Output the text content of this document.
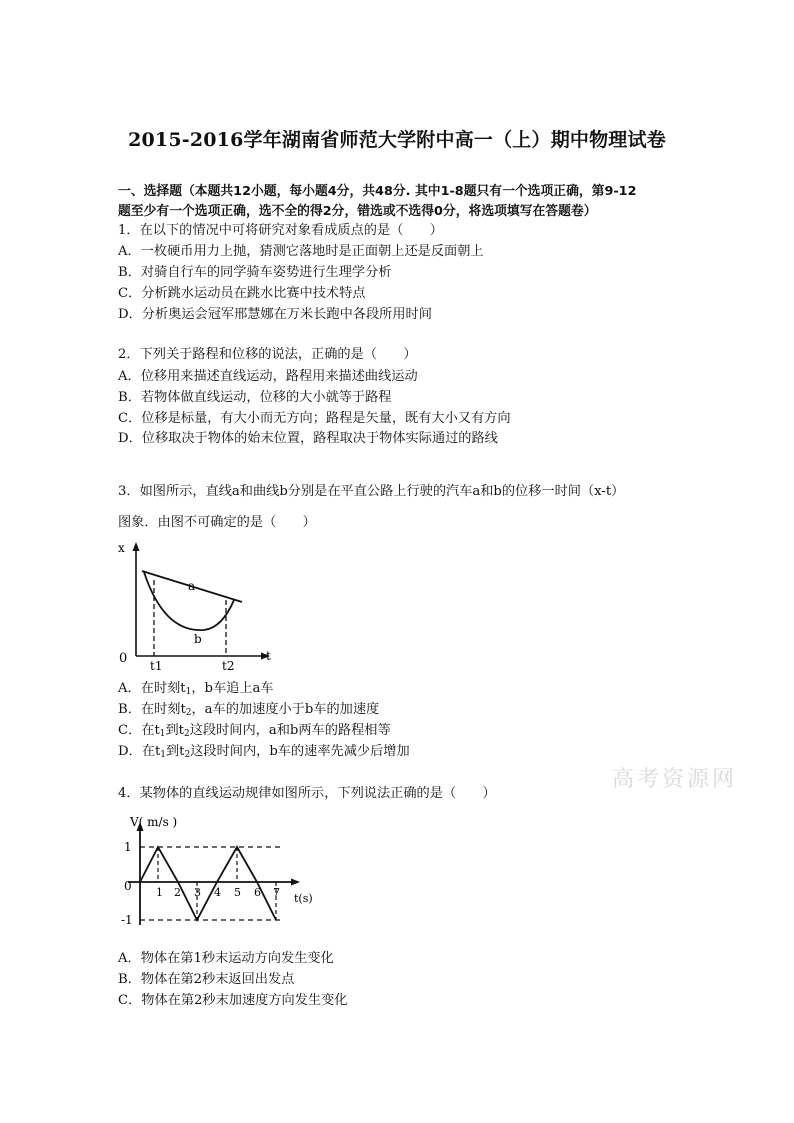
2015-2016学年湖南省师范大学附中高一（上）期中物理试卷
一、选择题（本题共12小题，每小题4分，共48分. 其中1-8题只有一个选项正确，第9-12
题至少有一个选项正确，选不全的得2分，错选或不选得0分，将选项填写在答题卷）
1．在以下的情况中可将研究对象看成质点的是（　　）
A．一枚硬币用力上抛，猜测它落地时是正面朝上还是反面朝上
B．对骑自行车的同学骑车姿势进行生理学分析
C．分析跳水运动员在跳水比赛中技术特点
D．分析奥运会冠军邢慧娜在万米长跑中各段所用时间
2．下列关于路程和位移的说法，正确的是（　　）
A．位移用来描述直线运动，路程用来描述曲线运动
B．若物体做直线运动，位移的大小就等于路程
C．位移是标量，有大小而无方向；路程是矢量，既有大小又有方向
D．位移取决于物体的始末位置，路程取决于物体实际通过的路线
3．如图所示，直线a和曲线b分别是在平直公路上行驶的汽车a和b的位移一时间（x-t）
图象．由图不可确定的是（　　）
x
t
0
a
b
t1	t2
A．在时刻$t_1$，b车追上a车
B．在时刻$t_2$，a车的加速度小于b车的加速度
C．在$t_1$到$t_2$这段时间内，a和b两车的路程相等
D．在$t_1$到$t_2$这段时间内，b车的速率先减少后增加
高考资源网
4．某物体的直线运动规律如图所示，下列说法正确的是（　　）
V( m/s )
t(s)
1
0
-1
1 2 3 4 5 6 7
A．物体在第1秒末运动方向发生变化
B．物体在第2秒末返回出发点
C．物体在第2秒末加速度方向发生变化
